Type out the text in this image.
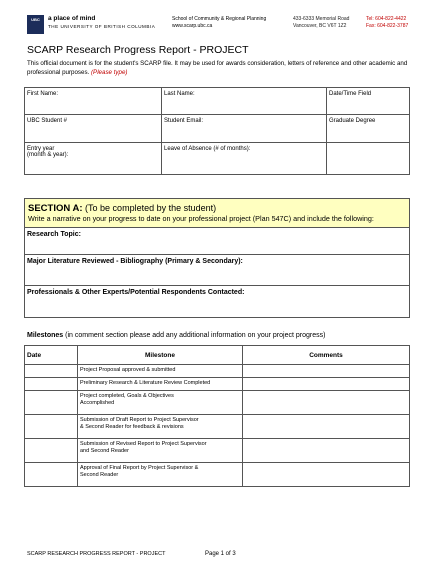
UBC	a place of mind
THE UNIVERSITY OF BRITISH COLUMBIA
School of Community & Regional Planning
www.scarp.ubc.ca
433-6333 Memorial Road
Vancouver, BC V6T 1Z2
Tel: 604-822-4422
Fax: 604-822-3787
SCARP Research Progress Report - PROJECT
This official document is for the student's SCARP file. It may be used for awards consideration, letters of reference and other academic and professional purposes. (Please type)
First Name:	Last Name:	Date/Time Field
UBC Student #	Student Email:	Graduate Degree

Entry year
(month & year):	Leave of Absence (# of months):	
SECTION A: (To be completed by the student)
Write a narrative on your progress to date on your professional project (Plan 547C) and include the following:

Research Topic:
Major Literature Reviewed - Bibliography (Primary & Secondary):
Professionals & Other Experts/Potential Respondents Contacted:
Milestones (in comment section please add any additional information on your project progress)
Date	Milestone	Comments

	Project Proposal approved & submitted	

	Preliminary Research & Literature Review Completed	

	Project completed, Goals & Objectives
Accomplished	

	Submission of Draft Report to Project Supervisor
& Second Reader for feedback & revisions	

	Submission of Revised Report to Project Supervisor
and Second Reader	

	Approval of Final Report by Project Supervisor &
Second Reader	

SCARP RESEARCH PROGRESS REPORT - PROJECT	Page 1 of 3
